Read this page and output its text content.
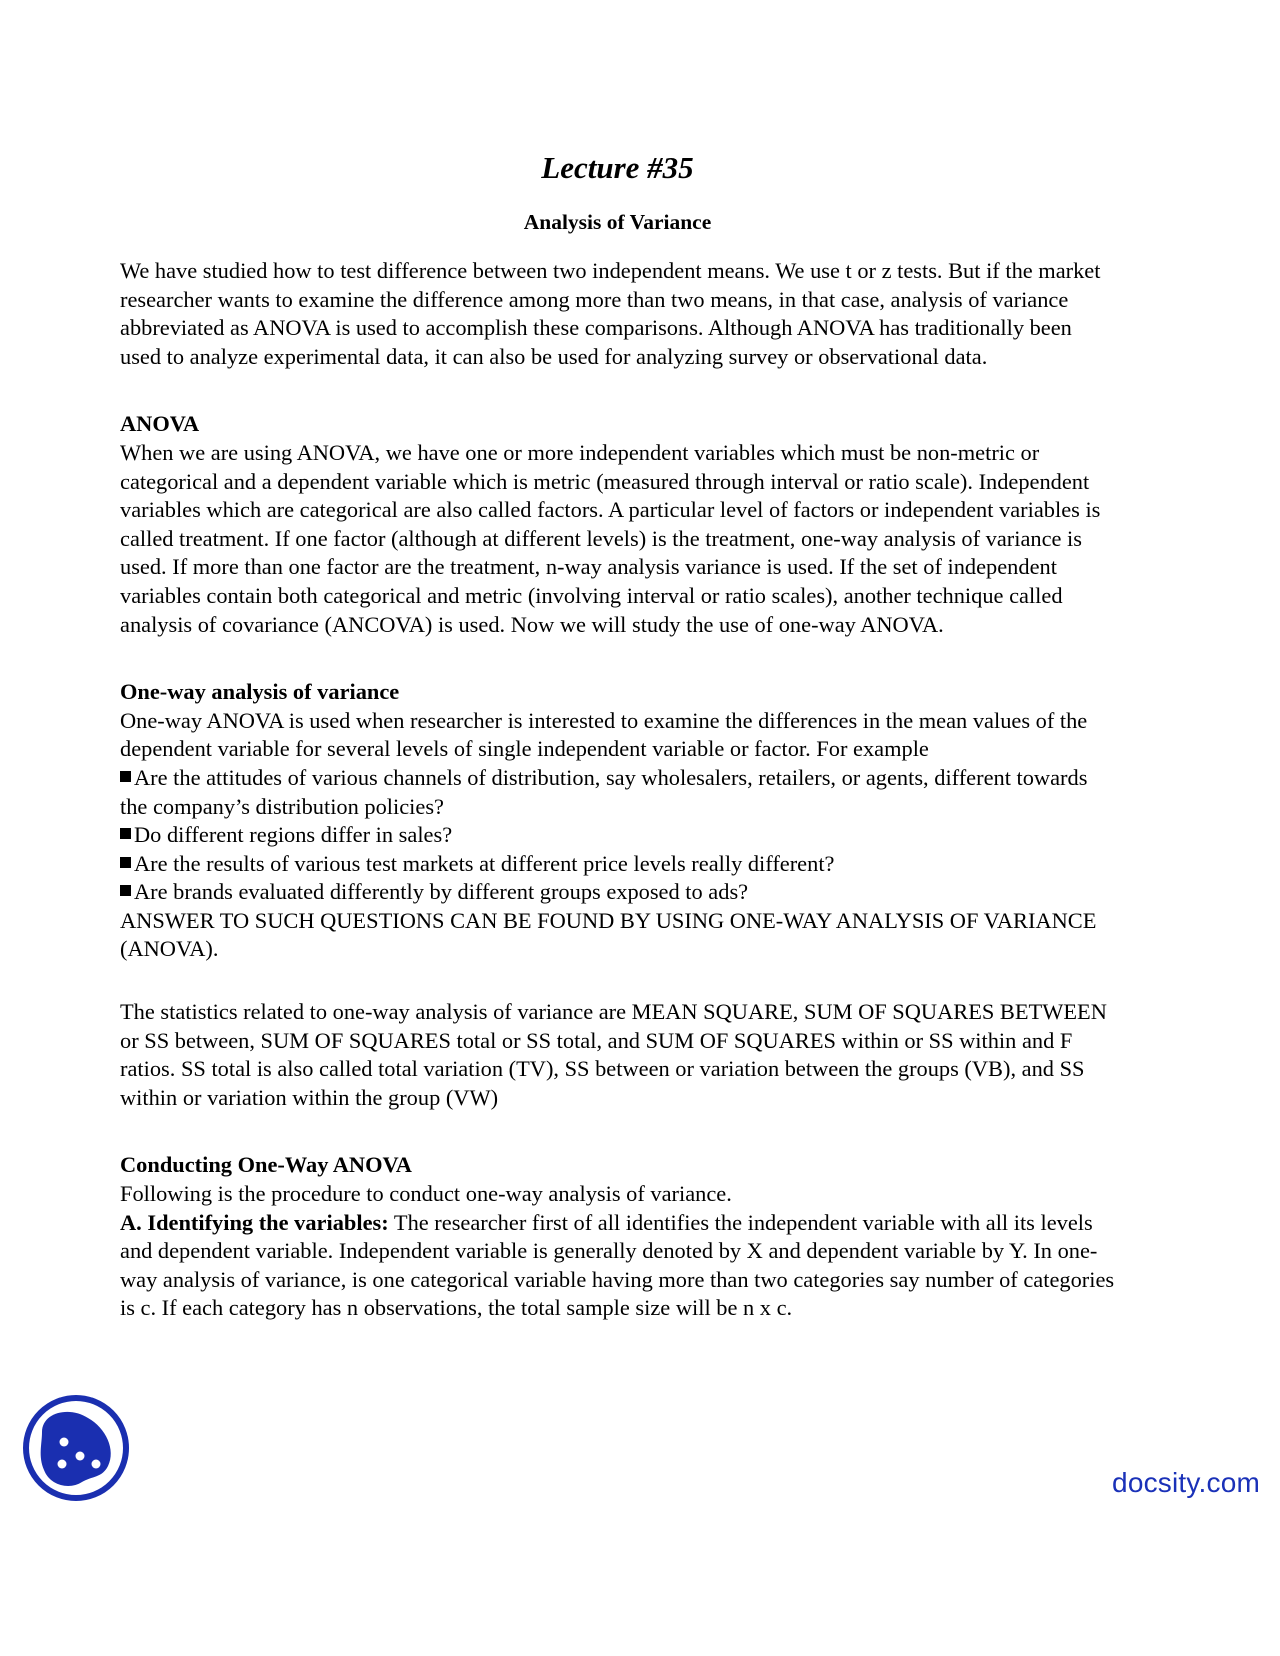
Lecture #35
Analysis of Variance

We have studied how to test difference between two independent means. We use t or z tests. But if the market researcher wants to examine the difference among more than two means, in that case, analysis of variance abbreviated as ANOVA is used to accomplish these comparisons. Although ANOVA has traditionally been used to analyze experimental data, it can also be used for analyzing survey or observational data.

ANOVA

When we are using ANOVA, we have one or more independent variables which must be non-metric or categorical and a dependent variable which is metric (measured through interval or ratio scale). Independent variables which are categorical are also called factors. A particular level of factors or independent variables is called treatment. If one factor (although at different levels) is the treatment, one-way analysis of variance is used. If more than one factor are the treatment, n-way analysis variance is used. If the set of independent variables contain both categorical and metric (involving interval or ratio scales), another technique called analysis of covariance (ANCOVA) is used. Now we will study the use of one-way ANOVA.

One-way analysis of variance

One-way ANOVA is used when researcher is interested to examine the differences in the mean values of the dependent variable for several levels of single independent variable or factor. For example

Are the attitudes of various channels of distribution, say wholesalers, retailers, or agents, different towards the company’s distribution policies?
Do different regions differ in sales?
Are the results of various test markets at different price levels really different?
Are brands evaluated differently by different groups exposed to ads?

ANSWER TO SUCH QUESTIONS CAN BE FOUND BY USING ONE-WAY ANALYSIS OF VARIANCE (ANOVA).

The statistics related to one-way analysis of variance are MEAN SQUARE, SUM OF SQUARES BETWEEN or SS between, SUM OF SQUARES total or SS total, and SUM OF SQUARES within or SS within and F ratios. SS total is also called total variation (TV), SS between or variation between the groups (VB), and SS within or variation within the group (VW)

Conducting One-Way ANOVA

Following is the procedure to conduct one-way analysis of variance.

A. Identifying the variables: The researcher first of all identifies the independent variable with all its levels and dependent variable. Independent variable is generally denoted by X and dependent variable by Y. In one-way analysis of variance, is one categorical variable having more than two categories say number of categories is c. If each category has n observations, the total sample size will be n x c.

docsity.com
